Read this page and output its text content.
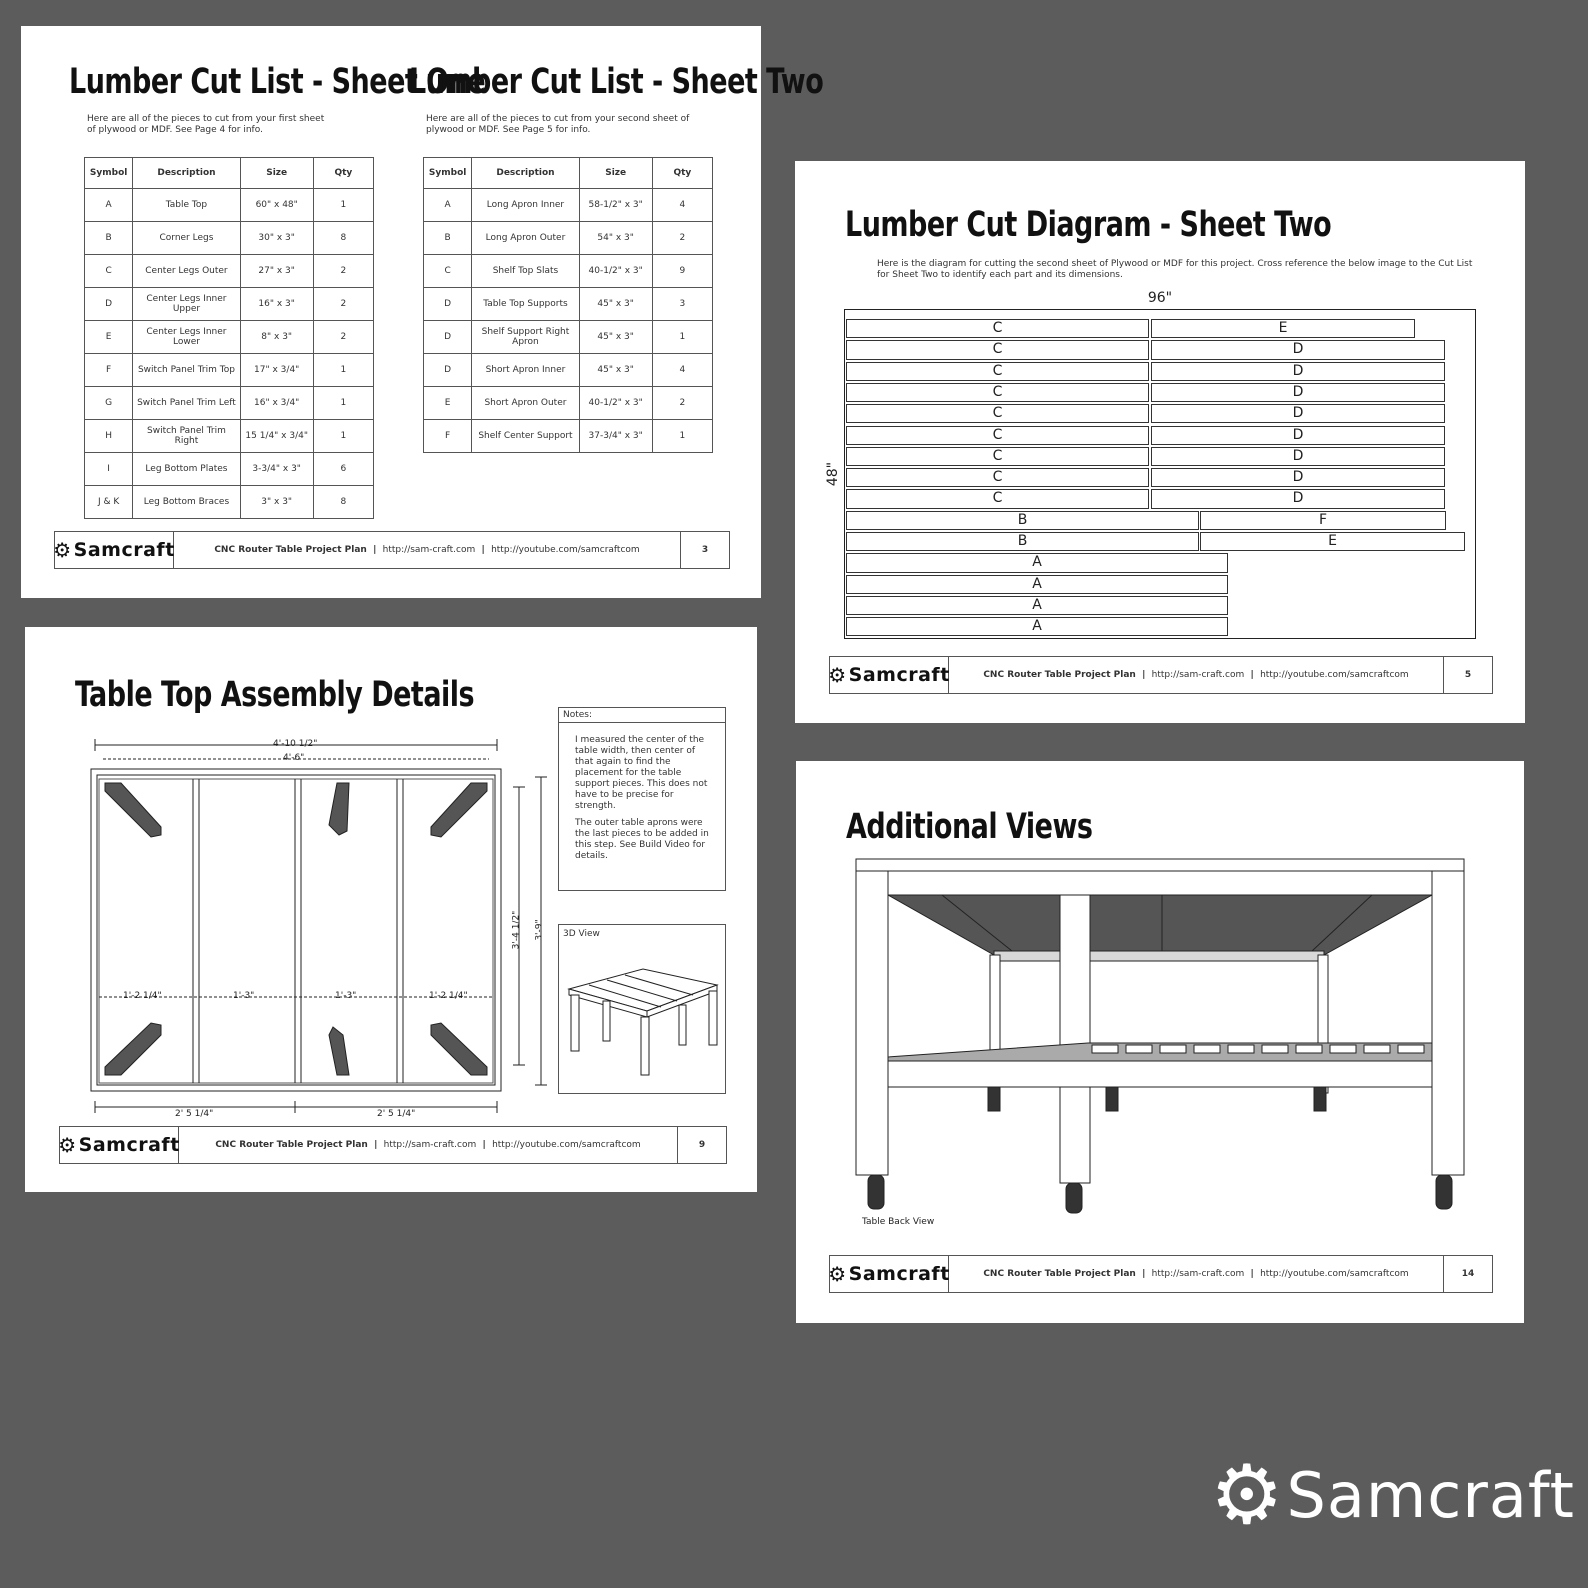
Lumber Cut List - Sheet One
Lumber Cut List - Sheet Two
Here are all of the pieces to cut from your first sheet of plywood or MDF. See Page 4 for info.
Here are all of the pieces to cut from your second sheet of plywood or MDF. See Page 5 for info.
Symbol	Description	Size	Qty
A	Table Top	60" x 48"	1
B	Corner Legs	30" x 3"	8
C	Center Legs Outer	27" x 3"	2
D	Center Legs Inner Upper	16" x 3"	2
E	Center Legs Inner Lower	8" x 3"	2
F	Switch Panel Trim Top	17" x 3/4"	1
G	Switch Panel Trim Left	16" x 3/4"	1
H	Switch Panel Trim Right	15 1/4" x 3/4"	1
I	Leg Bottom Plates	3-3/4" x 3"	6
J & K	Leg Bottom Braces	3" x 3"	8
Symbol	Description	Size	Qty
A	Long Apron Inner	58-1/2" x 3"	4
B	Long Apron Outer	54" x 3"	2
C	Shelf Top Slats	40-1/2" x 3"	9
D	Table Top Supports	45" x 3"	3
D	Shelf Support Right Apron	45" x 3"	1
D	Short Apron Inner	45" x 3"	4
E	Short Apron Outer	40-1/2" x 3"	2
F	Shelf Center Support	37-3/4" x 3"	1
⚙ Samcraft	CNC Router Table Project Plan  |  http://sam-craft.com  |  http://youtube.com/samcraftcom	3
Lumber Cut Diagram - Sheet Two
Here is the diagram for cutting the second sheet of Plywood or MDF for this project. Cross reference the below image to the Cut List for Sheet Two to identify each part and its dimensions.
96"
48"
C	E
C	D
C	D
C	D
C	D
C	D
C	D
C	D
C	D
B	F
B	E
A
A
A
A
⚙ Samcraft	CNC Router Table Project Plan  |  http://sam-craft.com  |  http://youtube.com/samcraftcom	5
Table Top Assembly Details
4'-10 1/2"
4'-6"
1'-2 1/4"	1'-3"	1'-3"	1'-2 1/4"
2' 5 1/4"	2' 5 1/4"
3'-4 1/2" 3'-9"
Notes:
I measured the center of the table width, then center of that again to find the placement for the table support pieces. This does not have to be precise for strength.
The outer table aprons were the last pieces to be added in this step. See Build Video for details.
3D View
⚙ Samcraft	CNC Router Table Project Plan  |  http://sam-craft.com  |  http://youtube.com/samcraftcom	9
Additional Views
Table Back View
⚙ Samcraft	CNC Router Table Project Plan  |  http://sam-craft.com  |  http://youtube.com/samcraftcom	14
⚙ Samcraft
